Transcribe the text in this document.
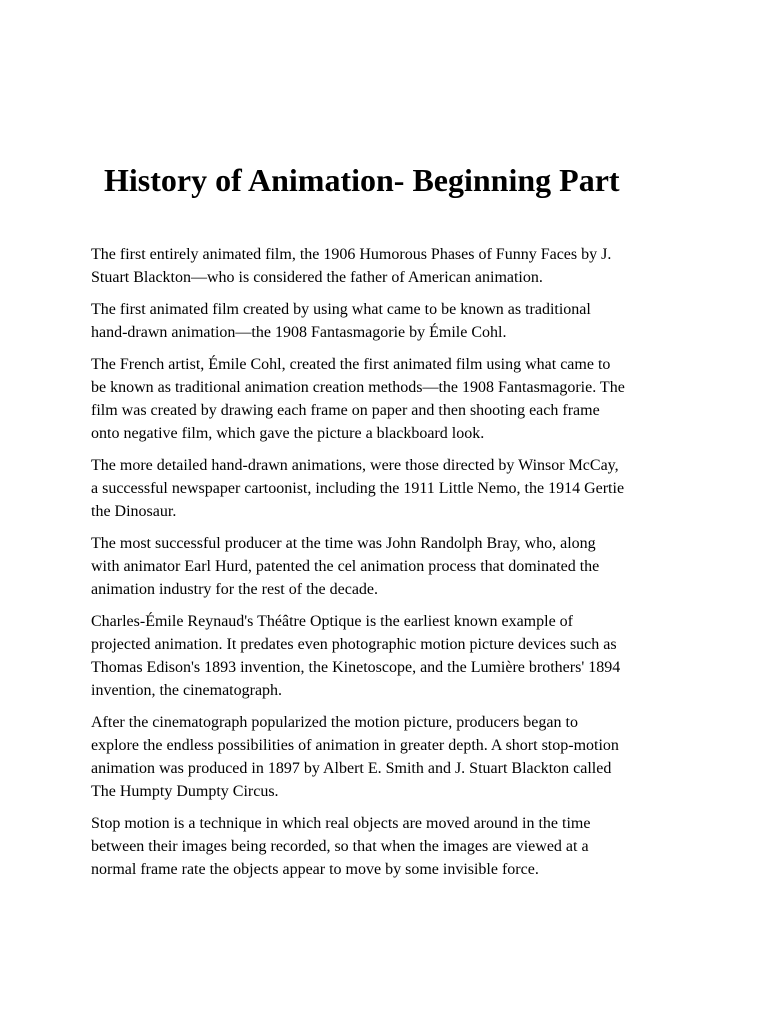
History of Animation- Beginning Part

The first entirely animated film, the 1906 Humorous Phases of Funny Faces by J.
Stuart Blackton—who is considered the father of American animation.

The first animated film created by using what came to be known as traditional
hand-drawn animation—the 1908 Fantasmagorie by Émile Cohl.

The French artist, Émile Cohl, created the first animated film using what came to
be known as traditional animation creation methods—the 1908 Fantasmagorie. The
film was created by drawing each frame on paper and then shooting each frame
onto negative film, which gave the picture a blackboard look.

The more detailed hand-drawn animations, were those directed by Winsor McCay,
a successful newspaper cartoonist, including the 1911 Little Nemo, the 1914 Gertie
the Dinosaur.

The most successful producer at the time was John Randolph Bray, who, along
with animator Earl Hurd, patented the cel animation process that dominated the
animation industry for the rest of the decade.

Charles-Émile Reynaud's Théâtre Optique is the earliest known example of
projected animation. It predates even photographic motion picture devices such as
Thomas Edison's 1893 invention, the Kinetoscope, and the Lumière brothers' 1894
invention, the cinematograph.

After the cinematograph popularized the motion picture, producers began to
explore the endless possibilities of animation in greater depth. A short stop-motion
animation was produced in 1897 by Albert E. Smith and J. Stuart Blackton called
The Humpty Dumpty Circus.

Stop motion is a technique in which real objects are moved around in the time
between their images being recorded, so that when the images are viewed at a
normal frame rate the objects appear to move by some invisible force.
